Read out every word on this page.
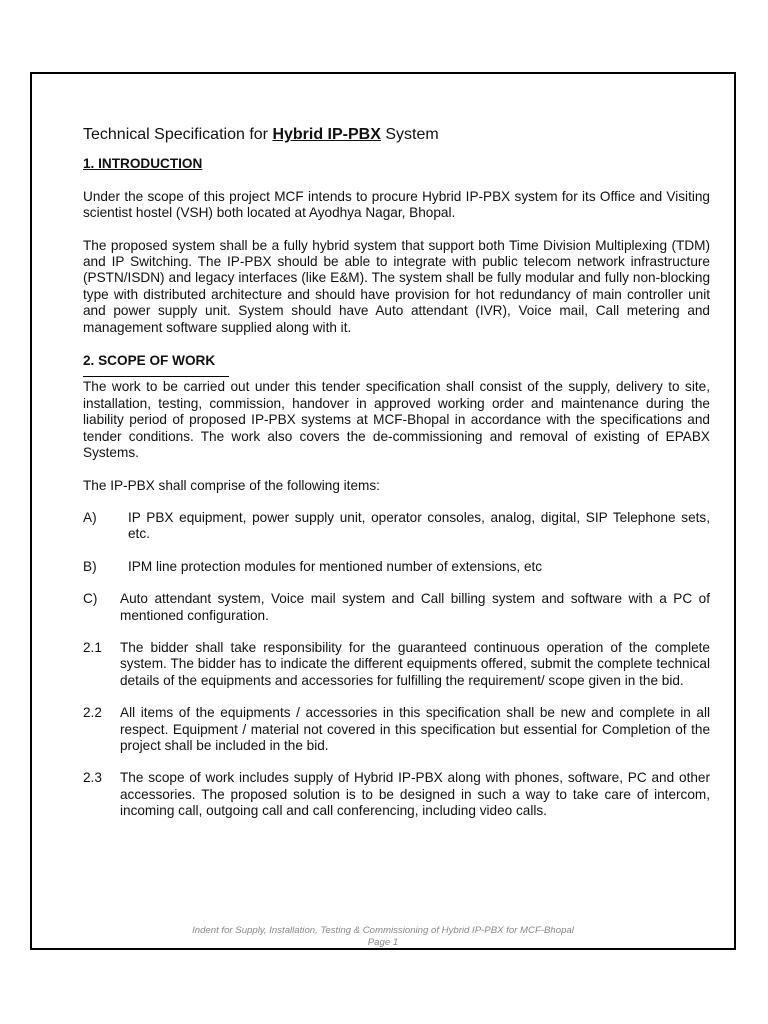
Technical Specification for Hybrid IP-PBX System
1. INTRODUCTION

Under the scope of this project MCF intends to procure Hybrid IP-PBX system for its Office and Visiting scientist hostel (VSH) both located at Ayodhya Nagar, Bhopal.

The proposed system shall be a fully hybrid system that support both Time Division Multiplexing (TDM) and IP Switching. The IP-PBX should be able to integrate with public telecom network infrastructure (PSTN/ISDN) and legacy interfaces (like E&M). The system shall be fully modular and fully non-blocking type with distributed architecture and should have provision for hot redundancy of main controller unit and power supply unit. System should have Auto attendant (IVR), Voice mail, Call metering and management software supplied along with it.

2. SCOPE OF WORK

The work to be carried out under this tender specification shall consist of the supply, delivery to site, installation, testing, commission, handover in approved working order and maintenance during the liability period of proposed IP-PBX systems at MCF-Bhopal in accordance with the specifications and tender conditions. The work also covers the de-commissioning and removal of existing of EPABX Systems.

The IP-PBX shall comprise of the following items:

A)	IP PBX equipment, power supply unit, operator consoles, analog, digital, SIP Telephone sets, etc.
B)	IPM line protection modules for mentioned number of extensions, etc
C)	Auto attendant system, Voice mail system and Call billing system and software with a PC of mentioned configuration.
2.1	The bidder shall take responsibility for the guaranteed continuous operation of the complete system. The bidder has to indicate the different equipments offered, submit the complete technical details of the equipments and accessories for fulfilling the requirement/ scope given in the bid.
2.2	All items of the equipments / accessories in this specification shall be new and complete in all respect. Equipment / material not covered in this specification but essential for Completion of the project shall be included in the bid.
2.3	The scope of work includes supply of Hybrid IP-PBX along with phones, software, PC and other accessories. The proposed solution is to be designed in such a way to take care of intercom, incoming call, outgoing call and call conferencing, including video calls.
Indent for Supply, Installation, Testing & Commissioning of Hybrid IP-PBX for MCF-Bhopal
Page 1
